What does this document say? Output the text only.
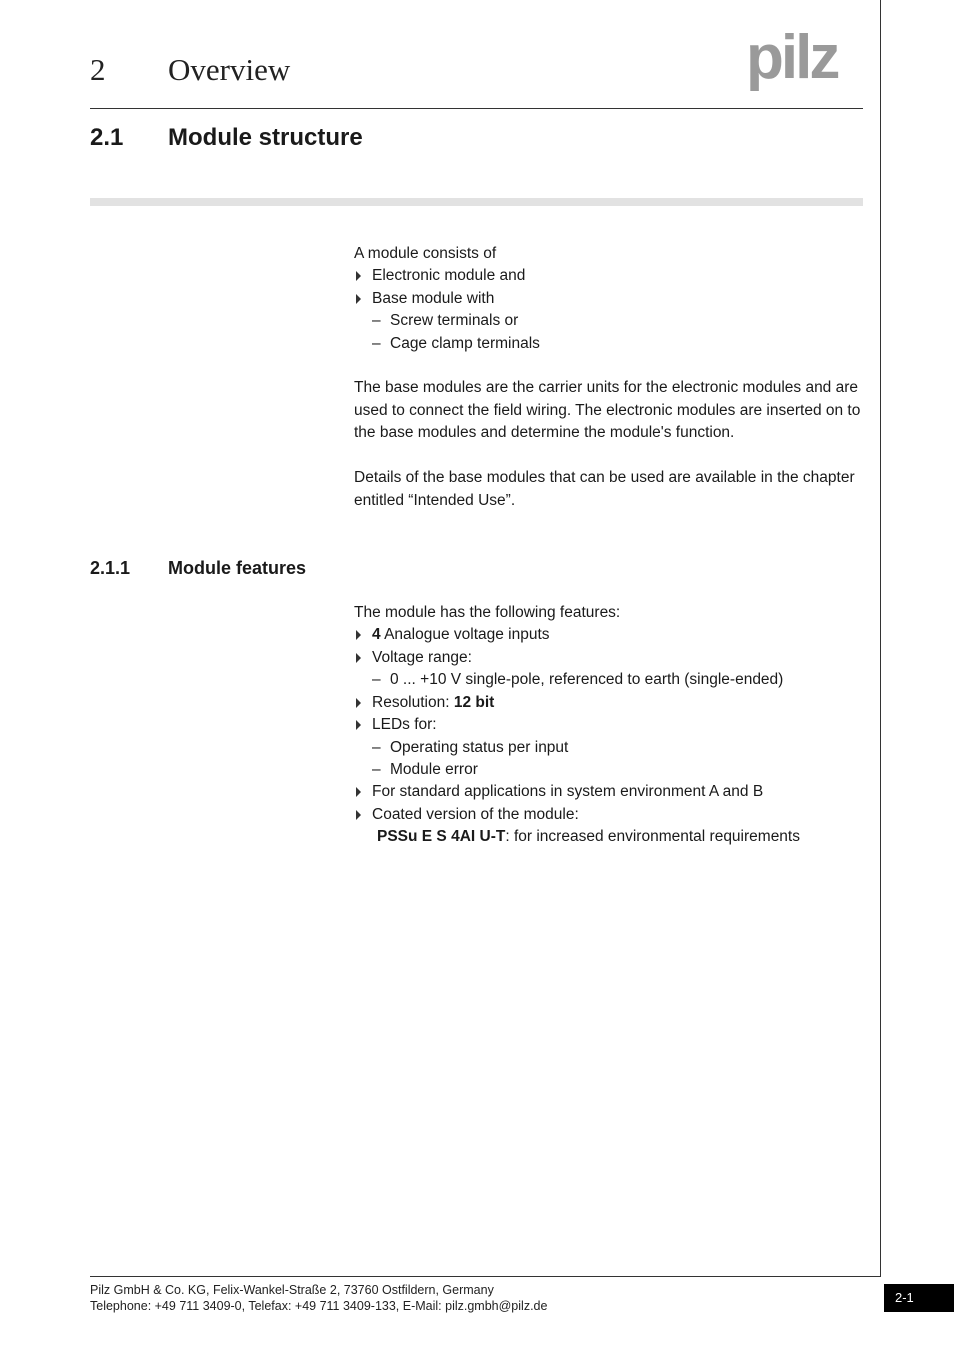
2 Overview	pilz
2.1 Module structure
A module consists of
Electronic module and
Base module with
– Screw terminals or
– Cage clamp terminals
The base modules are the carrier units for the electronic modules and are used to connect the field wiring. The electronic modules are inserted on to the base modules and determine the module's function.
Details of the base modules that can be used are available in the chapter entitled “Intended Use”.
2.1.1 Module features
The module has the following features:
4 Analogue voltage inputs
Voltage range:
– 0 ... +10 V single-pole, referenced to earth (single-ended)
Resolution: 12 bit
LEDs for:
– Operating status per input
– Module error
For standard applications in system environment A and B
Coated version of the module:
PSSu E S 4AI U-T: for increased environmental requirements
Pilz GmbH & Co. KG, Felix-Wankel-Straße 2, 73760 Ostfildern, Germany
Telephone: +49 711 3409-0, Telefax: +49 711 3409-133, E-Mail: pilz.gmbh@pilz.de
2-1
